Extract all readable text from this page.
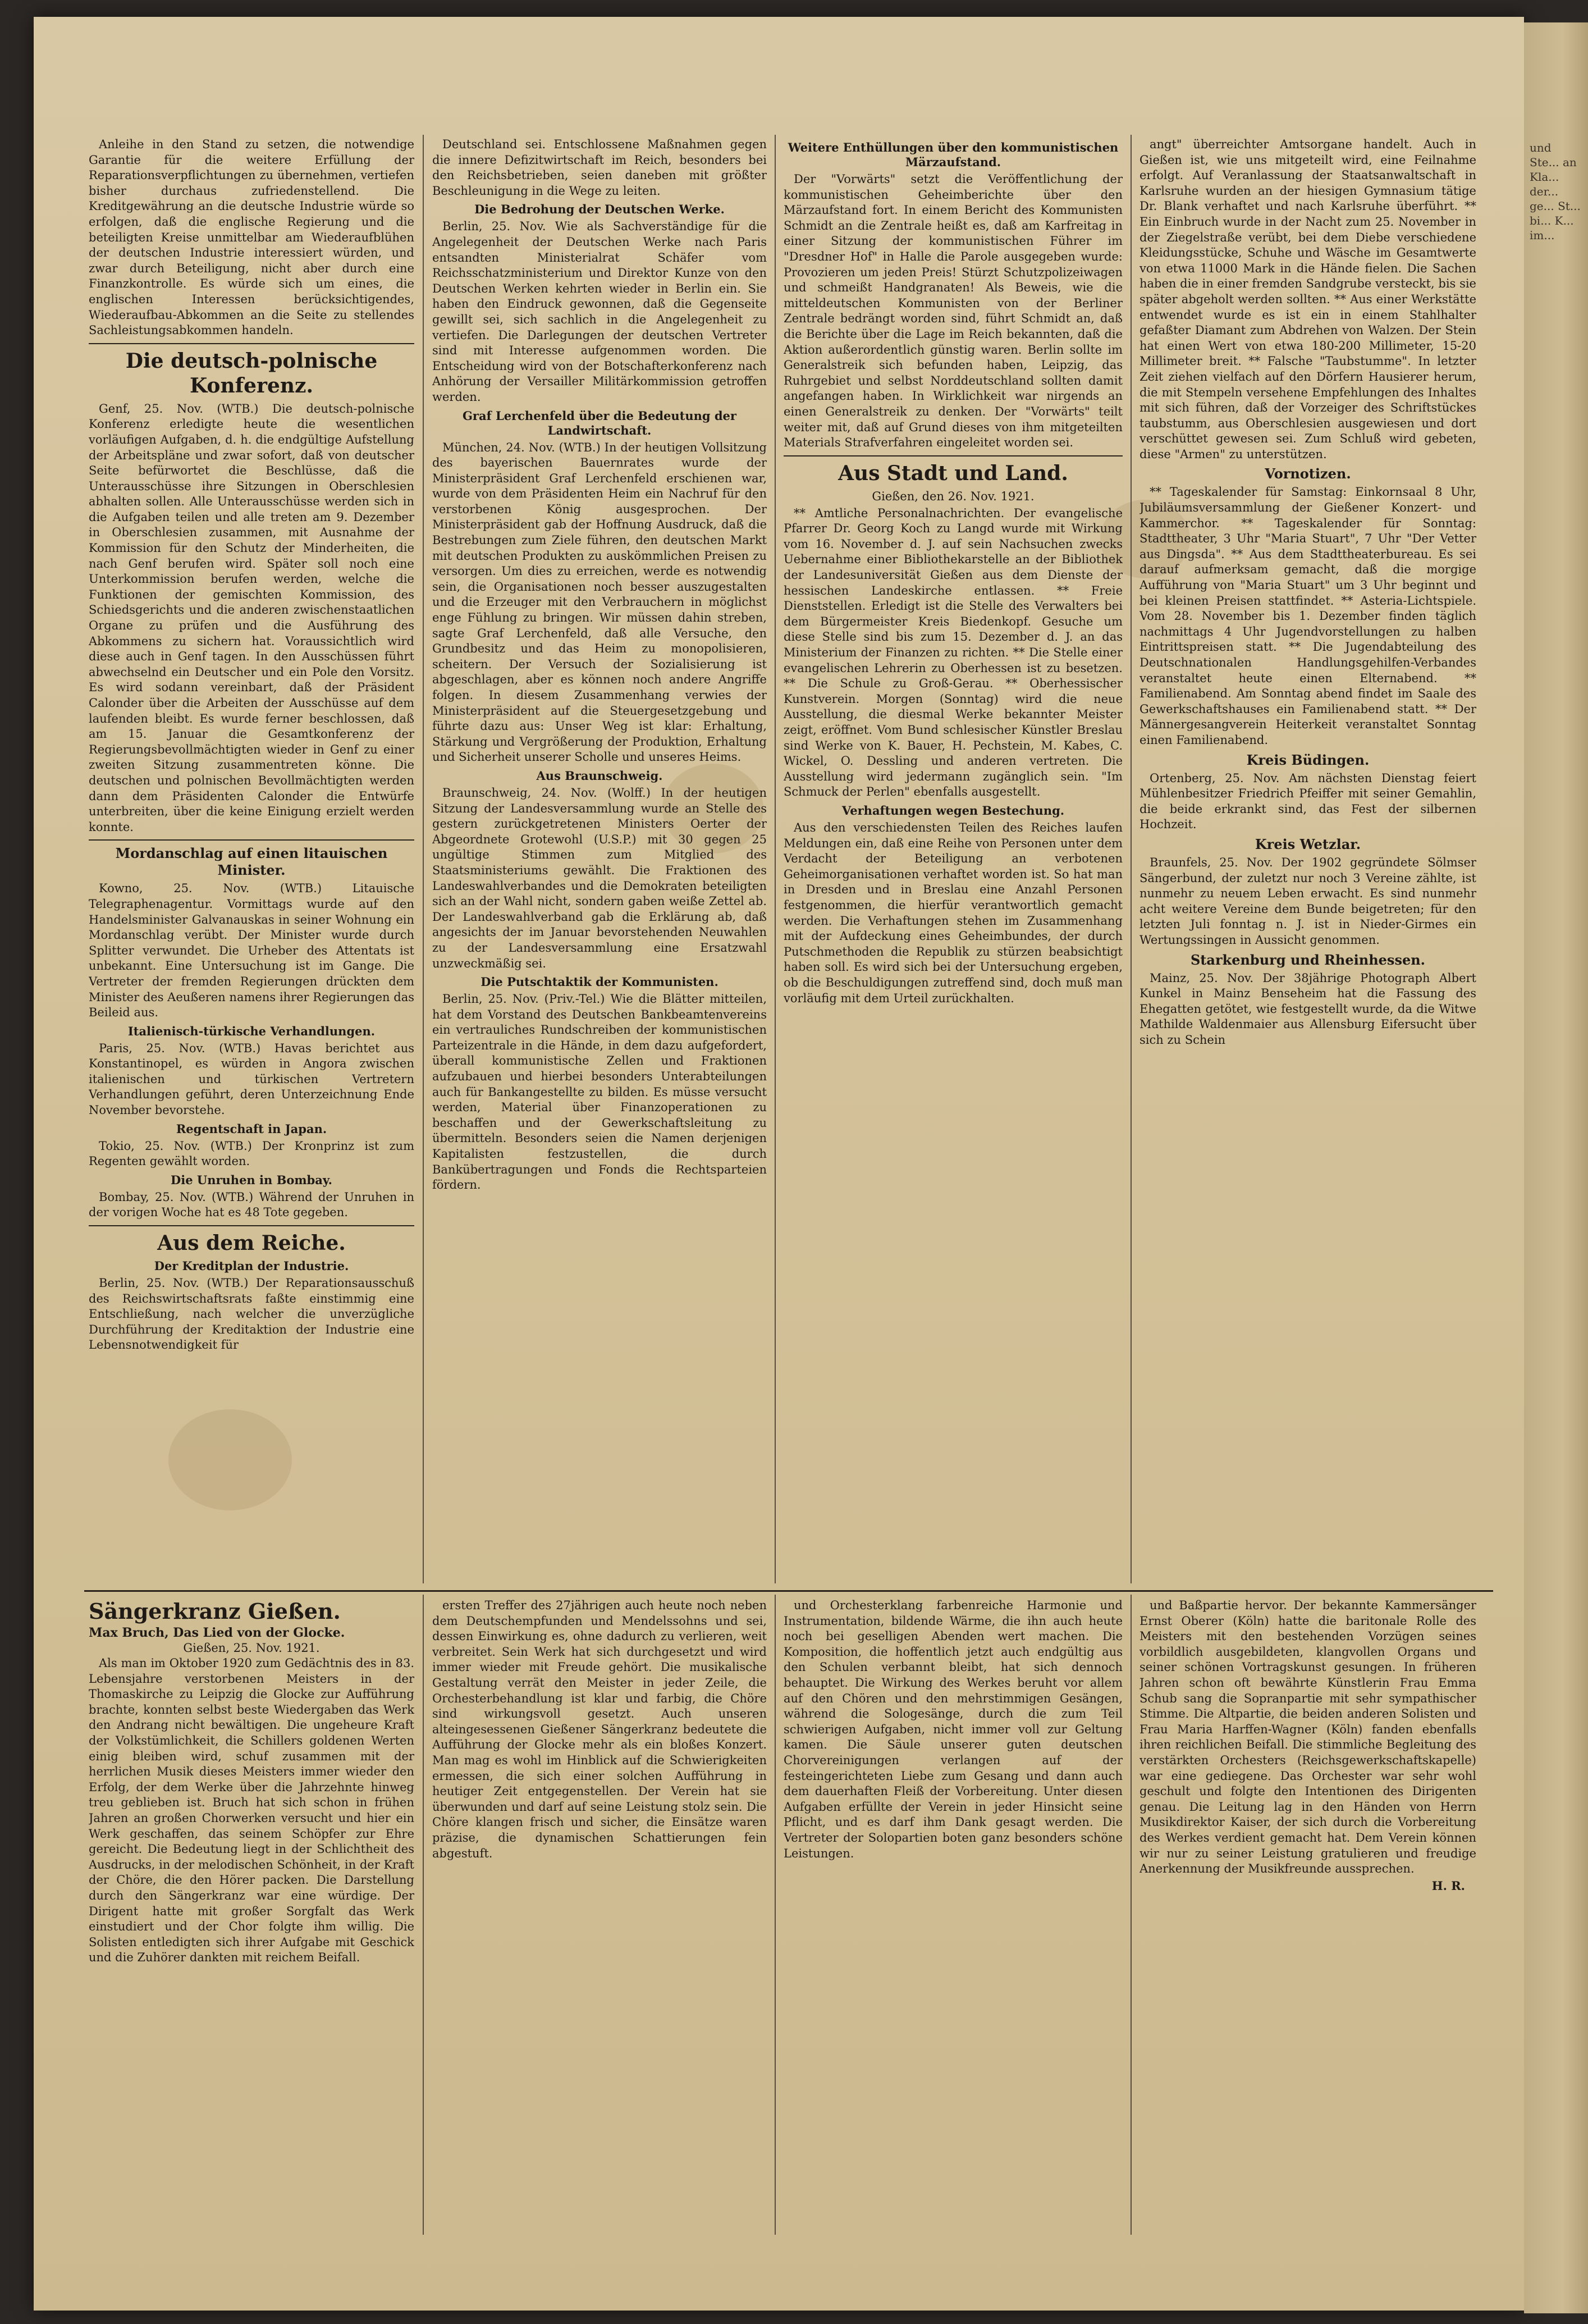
Anleihe in den Stand zu setzen, die notwendige Garantie für die weitere Erfüllung der Reparationsverpflichtungen zu übernehmen, vertiefen bisher durchaus zufriedenstellend. Die Kreditgewährung an die deutsche Industrie würde so erfolgen, daß die englische Regierung und die beteiligten Kreise unmittelbar am Wiederaufblühen der deutschen Industrie interessiert würden, und zwar durch Beteiligung, nicht aber durch eine Finanzkontrolle. Es würde sich um eines, die englischen Interessen berücksichtigendes, Wiederaufbau-Abkommen an die Seite zu stellendes Sachleistungsabkommen handeln.

Die deutsch-polnische Konferenz.

Genf, 25. Nov. (WTB.) Die deutsch-polnische Konferenz erledigte heute die wesentlichen vorläufigen Aufgaben, d. h. die endgültige Aufstellung der Arbeitspläne und zwar sofort, daß von deutscher Seite befürwortet die Beschlüsse, daß die Unterausschüsse ihre Sitzungen in Oberschlesien abhalten sollen. Alle Unterausschüsse werden sich in die Aufgaben teilen und alle treten am 9. Dezember in Oberschlesien zusammen, mit Ausnahme der Kommission für den Schutz der Minderheiten, die nach Genf berufen wird. Später soll noch eine Unterkommission berufen werden, welche die Funktionen der gemischten Kommission, des Schiedsgerichts und die anderen zwischenstaatlichen Organe zu prüfen und die Ausführung des Abkommens zu sichern hat. Voraussichtlich wird diese auch in Genf tagen. In den Ausschüssen führt abwechselnd ein Deutscher und ein Pole den Vorsitz. Es wird sodann vereinbart, daß der Präsident Calonder über die Arbeiten der Ausschüsse auf dem laufenden bleibt. Es wurde ferner beschlossen, daß am 15. Januar die Gesamtkonferenz der Regierungsbevollmächtigten wieder in Genf zu einer zweiten Sitzung zusammentreten könne. Die deutschen und polnischen Bevollmächtigten werden dann dem Präsidenten Calonder die Entwürfe unterbreiten, über die keine Einigung erzielt werden konnte.

Mordanschlag auf einen litauischen Minister.

Kowno, 25. Nov. (WTB.) Litauische Telegraphenagentur. Vormittags wurde auf den Handelsminister Galvanauskas in seiner Wohnung ein Mordanschlag verübt. Der Minister wurde durch Splitter verwundet. Die Urheber des Attentats ist unbekannt. Eine Untersuchung ist im Gange. Die Vertreter der fremden Regierungen drückten dem Minister des Aeußeren namens ihrer Regierungen das Beileid aus.

Italienisch-türkische Verhandlungen.

Paris, 25. Nov. (WTB.) Havas berichtet aus Konstantinopel, es würden in Angora zwischen italienischen und türkischen Vertretern Verhandlungen geführt, deren Unterzeichnung Ende November bevorstehe.

Regentschaft in Japan.

Tokio, 25. Nov. (WTB.) Der Kronprinz ist zum Regenten gewählt worden.

Die Unruhen in Bombay.

Bombay, 25. Nov. (WTB.) Während der Unruhen in der vorigen Woche hat es 48 Tote gegeben.

Aus dem Reiche.
Der Kreditplan der Industrie.

Berlin, 25. Nov. (WTB.) Der Reparationsausschuß des Reichswirtschaftsrats faßte einstimmig eine Entschließung, nach welcher die unverzügliche Durchführung der Kreditaktion der Industrie eine Lebensnotwendigkeit für

Deutschland sei. Entschlossene Maßnahmen gegen die innere Defizitwirtschaft im Reich, besonders bei den Reichsbetrieben, seien daneben mit größter Beschleunigung in die Wege zu leiten.

Die Bedrohung der Deutschen Werke.

Berlin, 25. Nov. Wie als Sachverständige für die Angelegenheit der Deutschen Werke nach Paris entsandten Ministerialrat Schäfer vom Reichsschatzministerium und Direktor Kunze von den Deutschen Werken kehrten wieder in Berlin ein. Sie haben den Eindruck gewonnen, daß die Gegenseite gewillt sei, sich sachlich in die Angelegenheit zu vertiefen. Die Darlegungen der deutschen Vertreter sind mit Interesse aufgenommen worden. Die Entscheidung wird von der Botschafterkonferenz nach Anhörung der Versailler Militärkommission getroffen werden.

Graf Lerchenfeld über die Bedeutung der Landwirtschaft.

München, 24. Nov. (WTB.) In der heutigen Vollsitzung des bayerischen Bauernrates wurde der Ministerpräsident Graf Lerchenfeld erschienen war, wurde von dem Präsidenten Heim ein Nachruf für den verstorbenen König ausgesprochen. Der Ministerpräsident gab der Hoffnung Ausdruck, daß die Bestrebungen zum Ziele führen, den deutschen Markt mit deutschen Produkten zu auskömmlichen Preisen zu versorgen. Um dies zu erreichen, werde es notwendig sein, die Organisationen noch besser auszugestalten und die Erzeuger mit den Verbrauchern in möglichst enge Fühlung zu bringen. Wir müssen dahin streben, sagte Graf Lerchenfeld, daß alle Versuche, den Grundbesitz und das Heim zu monopolisieren, scheitern. Der Versuch der Sozialisierung ist abgeschlagen, aber es können noch andere Angriffe folgen. In diesem Zusammenhang verwies der Ministerpräsident auf die Steuergesetzgebung und führte dazu aus: Unser Weg ist klar: Erhaltung, Stärkung und Vergrößerung der Produktion, Erhaltung und Sicherheit unserer Scholle und unseres Heims.

Aus Braunschweig.

Braunschweig, 24. Nov. (Wolff.) In der heutigen Sitzung der Landesversammlung wurde an Stelle des gestern zurückgetretenen Ministers Oerter der Abgeordnete Grotewohl (U.S.P.) mit 30 gegen 25 ungültige Stimmen zum Mitglied des Staatsministeriums gewählt. Die Fraktionen des Landeswahlverbandes und die Demokraten beteiligten sich an der Wahl nicht, sondern gaben weiße Zettel ab. Der Landeswahlverband gab die Erklärung ab, daß angesichts der im Januar bevorstehenden Neuwahlen zu der Landesversammlung eine Ersatzwahl unzweckmäßig sei.

Die Putschtaktik der Kommunisten.

Berlin, 25. Nov. (Priv.-Tel.) Wie die Blätter mitteilen, hat dem Vorstand des Deutschen Bankbeamtenvereins ein vertrauliches Rundschreiben der kommunistischen Parteizentrale in die Hände, in dem dazu aufgefordert, überall kommunistische Zellen und Fraktionen aufzubauen und hierbei besonders Unterabteilungen auch für Bankangestellte zu bilden. Es müsse versucht werden, Material über Finanzoperationen zu beschaffen und der Gewerkschaftsleitung zu übermitteln. Besonders seien die Namen derjenigen Kapitalisten festzustellen, die durch Bankübertragungen und Fonds die Rechtsparteien fördern.

Weitere Enthüllungen über den kommunistischen Märzaufstand.

Der "Vorwärts" setzt die Veröffentlichung der kommunistischen Geheimberichte über den Märzaufstand fort. In einem Bericht des Kommunisten Schmidt an die Zentrale heißt es, daß am Karfreitag in einer Sitzung der kommunistischen Führer im "Dresdner Hof" in Halle die Parole ausgegeben wurde: Provozieren um jeden Preis! Stürzt Schutzpolizeiwagen und schmeißt Handgranaten! Als Beweis, wie die mitteldeutschen Kommunisten von der Berliner Zentrale bedrängt worden sind, führt Schmidt an, daß die Berichte über die Lage im Reich bekannten, daß die Aktion außerordentlich günstig waren. Berlin sollte im Generalstreik sich befunden haben, Leipzig, das Ruhrgebiet und selbst Norddeutschland sollten damit angefangen haben. In Wirklichkeit war nirgends an einen Generalstreik zu denken. Der "Vorwärts" teilt weiter mit, daß auf Grund dieses von ihm mitgeteilten Materials Strafverfahren eingeleitet worden sei.

Aus Stadt und Land.
Gießen, den 26. Nov. 1921.

** Amtliche Personalnachrichten. Der evangelische Pfarrer Dr. Georg Koch zu Langd wurde mit Wirkung vom 16. November d. J. auf sein Nachsuchen zwecks Uebernahme einer Bibliothekarstelle an der Bibliothek der Landesuniversität Gießen aus dem Dienste der hessischen Landeskirche entlassen. ** Freie Dienststellen. Erledigt ist die Stelle des Verwalters bei dem Bürgermeister Kreis Biedenkopf. Gesuche um diese Stelle sind bis zum 15. Dezember d. J. an das Ministerium der Finanzen zu richten. ** Die Stelle einer evangelischen Lehrerin zu Oberhessen ist zu besetzen. ** Die Schule zu Groß-Gerau. ** Oberhessischer Kunstverein. Morgen (Sonntag) wird die neue Ausstellung, die diesmal Werke bekannter Meister zeigt, eröffnet. Vom Bund schlesischer Künstler Breslau sind Werke von K. Bauer, H. Pechstein, M. Kabes, C. Wickel, O. Dessling und anderen vertreten. Die Ausstellung wird jedermann zugänglich sein. "Im Schmuck der Perlen" ebenfalls ausgestellt.

Verhaftungen wegen Bestechung.

Aus den verschiedensten Teilen des Reiches laufen Meldungen ein, daß eine Reihe von Personen unter dem Verdacht der Beteiligung an verbotenen Geheimorganisationen verhaftet worden ist. So hat man in Dresden und in Breslau eine Anzahl Personen festgenommen, die hierfür verantwortlich gemacht werden. Die Verhaftungen stehen im Zusammenhang mit der Aufdeckung eines Geheimbundes, der durch Putschmethoden die Republik zu stürzen beabsichtigt haben soll. Es wird sich bei der Untersuchung ergeben, ob die Beschuldigungen zutreffend sind, doch muß man vorläufig mit dem Urteil zurückhalten.

angt" überreichter Amtsorgane handelt. Auch in Gießen ist, wie uns mitgeteilt wird, eine Feilnahme erfolgt. Auf Veranlassung der Staatsanwaltschaft in Karlsruhe wurden an der hiesigen Gymnasium tätige Dr. Blank verhaftet und nach Karlsruhe überführt. ** Ein Einbruch wurde in der Nacht zum 25. November in der Ziegelstraße verübt, bei dem Diebe verschiedene Kleidungsstücke, Schuhe und Wäsche im Gesamtwerte von etwa 11000 Mark in die Hände fielen. Die Sachen haben die in einer fremden Sandgrube versteckt, bis sie später abgeholt werden sollten. ** Aus einer Werkstätte entwendet wurde es ist ein in einem Stahlhalter gefaßter Diamant zum Abdrehen von Walzen. Der Stein hat einen Wert von etwa 180-200 Millimeter, 15-20 Millimeter breit. ** Falsche "Taubstumme". In letzter Zeit ziehen vielfach auf den Dörfern Hausierer herum, die mit Stempeln versehene Empfehlungen des Inhaltes mit sich führen, daß der Vorzeiger des Schriftstückes taubstumm, aus Oberschlesien ausgewiesen und dort verschüttet gewesen sei. Zum Schluß wird gebeten, diese "Armen" zu unterstützen.

Vornotizen.

** Tageskalender für Samstag: Einkornsaal 8 Uhr, Jubiläumsversammlung der Gießener Konzert- und Kammerchor. ** Tageskalender für Sonntag: Stadttheater, 3 Uhr "Maria Stuart", 7 Uhr "Der Vetter aus Dingsda". ** Aus dem Stadttheaterbureau. Es sei darauf aufmerksam gemacht, daß die morgige Aufführung von "Maria Stuart" um 3 Uhr beginnt und bei kleinen Preisen stattfindet. ** Asteria-Lichtspiele. Vom 28. November bis 1. Dezember finden täglich nachmittags 4 Uhr Jugendvorstellungen zu halben Eintrittspreisen statt. ** Die Jugendabteilung des Deutschnationalen Handlungsgehilfen-Verbandes veranstaltet heute einen Elternabend. ** Familienabend. Am Sonntag abend findet im Saale des Gewerkschaftshauses ein Familienabend statt. ** Der Männergesangverein Heiterkeit veranstaltet Sonntag einen Familienabend.

Kreis Büdingen.

Ortenberg, 25. Nov. Am nächsten Dienstag feiert Mühlenbesitzer Friedrich Pfeiffer mit seiner Gemahlin, die beide erkrankt sind, das Fest der silbernen Hochzeit.

Kreis Wetzlar.

Braunfels, 25. Nov. Der 1902 gegründete Sölmser Sängerbund, der zuletzt nur noch 3 Vereine zählte, ist nunmehr zu neuem Leben erwacht. Es sind nunmehr acht weitere Vereine dem Bunde beigetreten; für den letzten Juli fonntag n. J. ist in Nieder-Girmes ein Wertungssingen in Aussicht genommen.

Starkenburg und Rheinhessen.

Mainz, 25. Nov. Der 38jährige Photograph Albert Kunkel in Mainz Benseheim hat die Fassung des Ehegatten getötet, wie festgestellt wurde, da die Witwe Mathilde Waldenmaier aus Allensburg Eifersucht über sich zu Schein

Sängerkranz Gießen.
Max Bruch, Das Lied von der Glocke.
Gießen, 25. Nov. 1921.

Als man im Oktober 1920 zum Gedächtnis des in 83. Lebensjahre verstorbenen Meisters in der Thomaskirche zu Leipzig die Glocke zur Aufführung brachte, konnten selbst beste Wiedergaben das Werk den Andrang nicht bewältigen. Die ungeheure Kraft der Volkstümlichkeit, die Schillers goldenen Werten einig bleiben wird, schuf zusammen mit der herrlichen Musik dieses Meisters immer wieder den Erfolg, der dem Werke über die Jahrzehnte hinweg treu geblieben ist. Bruch hat sich schon in frühen Jahren an großen Chorwerken versucht und hier ein Werk geschaffen, das seinem Schöpfer zur Ehre gereicht. Die Bedeutung liegt in der Schlichtheit des Ausdrucks, in der melodischen Schönheit, in der Kraft der Chöre, die den Hörer packen. Die Darstellung durch den Sängerkranz war eine würdige. Der Dirigent hatte mit großer Sorgfalt das Werk einstudiert und der Chor folgte ihm willig. Die Solisten entledigten sich ihrer Aufgabe mit Geschick und die Zuhörer dankten mit reichem Beifall.

ersten Treffer des 27jährigen auch heute noch neben dem Deutschempfunden und Mendelssohns und sei, dessen Einwirkung es, ohne dadurch zu verlieren, weit verbreitet. Sein Werk hat sich durchgesetzt und wird immer wieder mit Freude gehört. Die musikalische Gestaltung verrät den Meister in jeder Zeile, die Orchesterbehandlung ist klar und farbig, die Chöre sind wirkungsvoll gesetzt. Auch unseren alteingesessenen Gießener Sängerkranz bedeutete die Aufführung der Glocke mehr als ein bloßes Konzert. Man mag es wohl im Hinblick auf die Schwierigkeiten ermessen, die sich einer solchen Aufführung in heutiger Zeit entgegenstellen. Der Verein hat sie überwunden und darf auf seine Leistung stolz sein. Die Chöre klangen frisch und sicher, die Einsätze waren präzise, die dynamischen Schattierungen fein abgestuft.

und Orchesterklang farbenreiche Harmonie und Instrumentation, bildende Wärme, die ihn auch heute noch bei geselligen Abenden wert machen. Die Komposition, die hoffentlich jetzt auch endgültig aus den Schulen verbannt bleibt, hat sich dennoch behauptet. Die Wirkung des Werkes beruht vor allem auf den Chören und den mehrstimmigen Gesängen, während die Sologesänge, durch die zum Teil schwierigen Aufgaben, nicht immer voll zur Geltung kamen. Die Säule unserer guten deutschen Chorvereinigungen verlangen auf der festeingerichteten Liebe zum Gesang und dann auch dem dauerhaften Fleiß der Vorbereitung. Unter diesen Aufgaben erfüllte der Verein in jeder Hinsicht seine Pflicht, und es darf ihm Dank gesagt werden. Die Vertreter der Solopartien boten ganz besonders schöne Leistungen.

und Baßpartie hervor. Der bekannte Kammersänger Ernst Oberer (Köln) hatte die baritonale Rolle des Meisters mit den bestehenden Vorzügen seines vorbildlich ausgebildeten, klangvollen Organs und seiner schönen Vortragskunst gesungen. In früheren Jahren schon oft bewährte Künstlerin Frau Emma Schub sang die Sopranpartie mit sehr sympathischer Stimme. Die Altpartie, die beiden anderen Solisten und Frau Maria Harffen-Wagner (Köln) fanden ebenfalls ihren reichlichen Beifall. Die stimmliche Begleitung des verstärkten Orchesters (Reichsgewerkschaftskapelle) war eine gediegene. Das Orchester war sehr wohl geschult und folgte den Intentionen des Dirigenten genau. Die Leitung lag in den Händen von Herrn Musikdirektor Kaiser, der sich durch die Vorbereitung des Werkes verdient gemacht hat. Dem Verein können wir nur zu seiner Leistung gratulieren und freudige Anerkennung der Musikfreunde aussprechen.

H. R.
und Ste... an Kla... der... ge... St... bi... K... im...
